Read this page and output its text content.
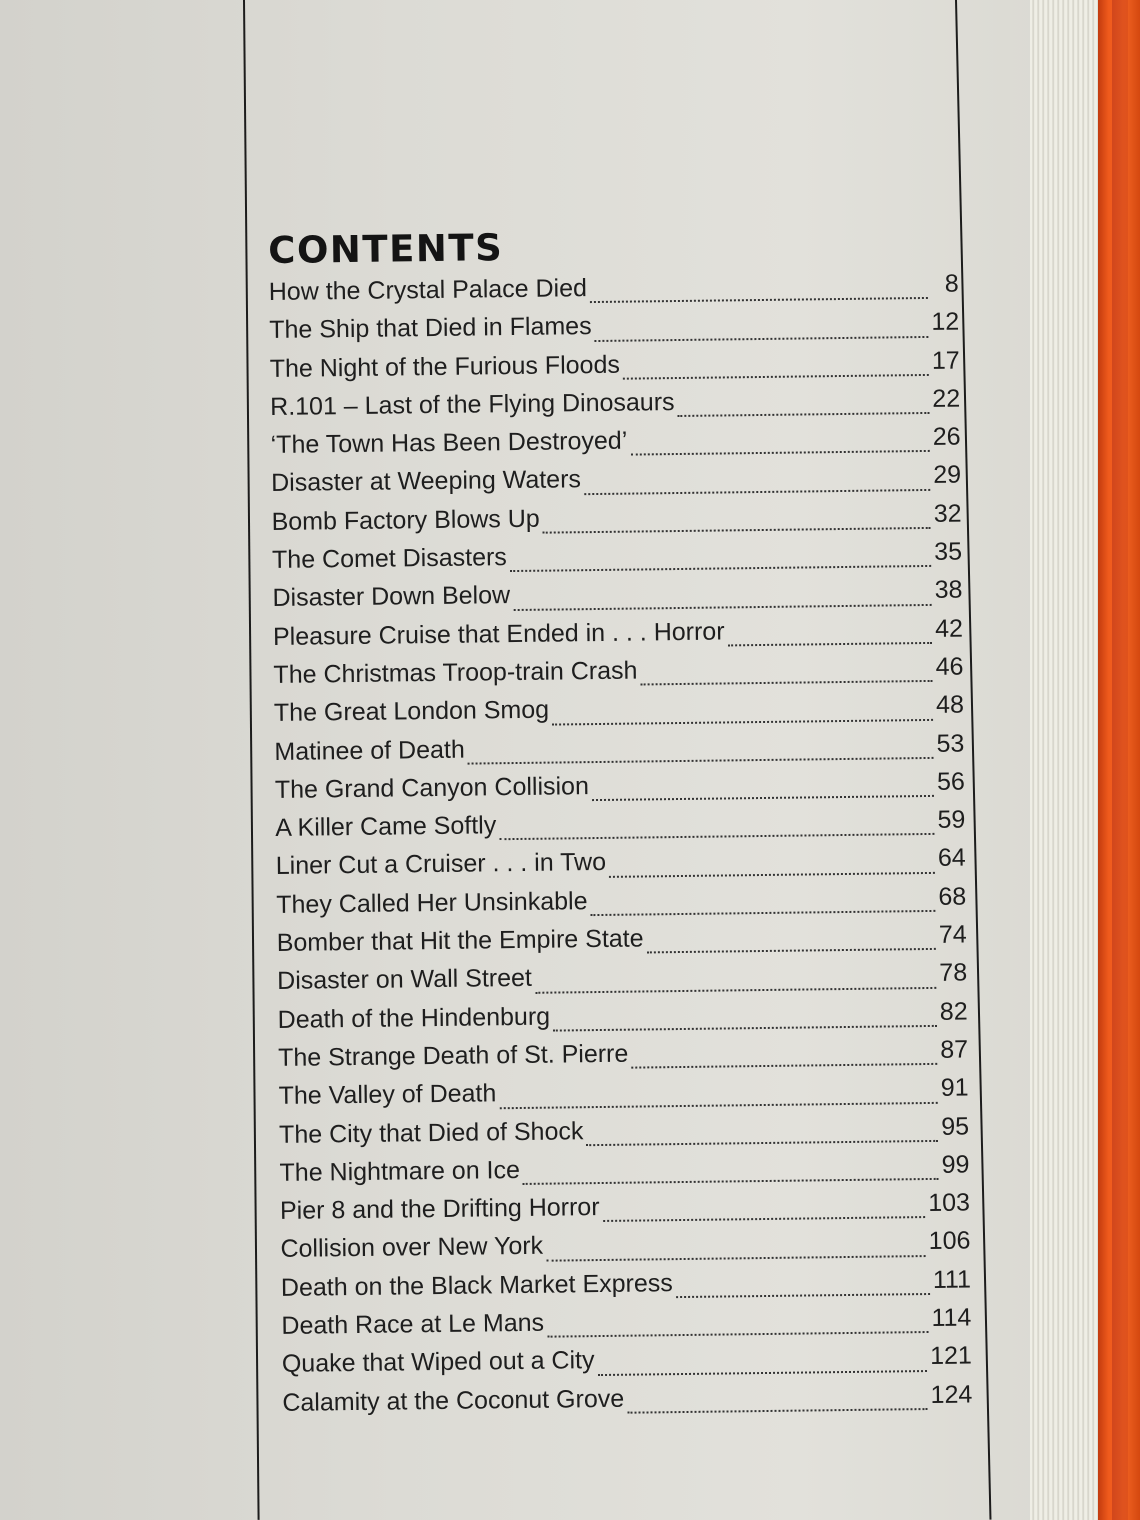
CONTENTS
How the Crystal Palace Died	8
The Ship that Died in Flames	12
The Night of the Furious Floods	17
R.101 – Last of the Flying Dinosaurs	22
‘The Town Has Been Destroyed’	26
Disaster at Weeping Waters	29
Bomb Factory Blows Up	32
The Comet Disasters	35
Disaster Down Below	38
Pleasure Cruise that Ended in . . . Horror	42
The Christmas Troop-train Crash	46
The Great London Smog	48
Matinee of Death	53
The Grand Canyon Collision	56
A Killer Came Softly	59
Liner Cut a Cruiser . . . in Two	64
They Called Her Unsinkable	68
Bomber that Hit the Empire State	74
Disaster on Wall Street	78
Death of the Hindenburg	82
The Strange Death of St. Pierre	87
The Valley of Death	91
The City that Died of Shock	95
The Nightmare on Ice	99
Pier 8 and the Drifting Horror	103
Collision over New York	106
Death on the Black Market Express	111
Death Race at Le Mans	114
Quake that Wiped out a City	121
Calamity at the Coconut Grove	124
